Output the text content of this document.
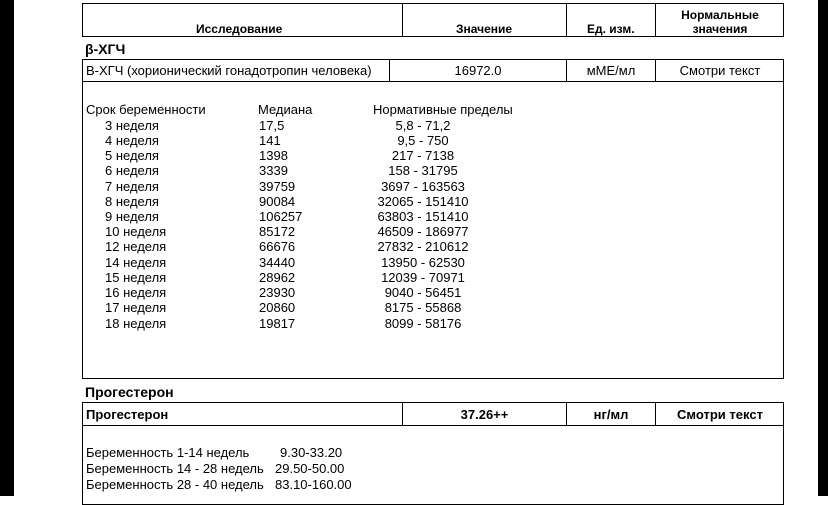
Исследование	Значение	Ед. изм.
Нормальные
значения
β-ХГЧ
B-ХГЧ (хорионический гонадотропин человека)	16972.0	мМЕ/мл	Смотри текст
Срок беременности	Медиана	Нормативные пределы
3 неделя	17,5	5,8 - 71,2
4 неделя	141	9,5 - 750
5 неделя	1398	217 - 7138
6 неделя	3339	158 - 31795
7 неделя	39759	3697 - 163563
8 неделя	90084	32065 - 151410
9 неделя	106257	63803 - 151410
10 неделя	85172	46509 - 186977
12 неделя	66676	27832 - 210612
14 неделя	34440	13950 - 62530
15 неделя	28962	12039 - 70971
16 неделя	23930	9040 - 56451
17 неделя	20860	8175 - 55868
18 неделя	19817	8099 - 58176
Прогестерон
Прогестерон	37.26++	нг/мл	Смотри текст
Беременность 1-14 недель 9.30-33.20
Беременность 14 - 28 недель 29.50-50.00
Беременность 28 - 40 недель 83.10-160.00
